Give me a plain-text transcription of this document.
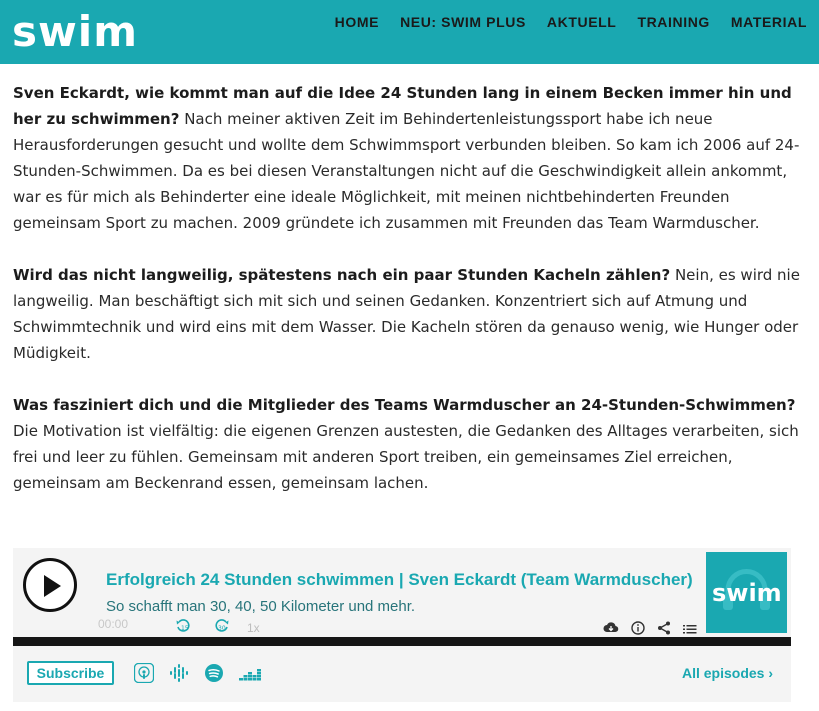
swim	HOME NEU: SWIM PLUS AKTUELL TRAINING MATERIAL

Sven Eckardt, wie kommt man auf die Idee 24 Stunden lang in einem Becken immer hin und her zu schwimmen? Nach meiner aktiven Zeit im Behindertenleistungssport habe ich neue Herausforderungen gesucht und wollte dem Schwimmsport verbunden bleiben. So kam ich 2006 auf 24-Stunden-Schwimmen. Da es bei diesen Veranstaltungen nicht auf die Geschwindigkeit allein ankommt, war es für mich als Behinderter eine ideale Möglichkeit, mit meinen nichtbehinderten Freunden gemeinsam Sport zu machen. 2009 gründete ich zusammen mit Freunden das Team Warmduscher.

Wird das nicht langweilig, spätestens nach ein paar Stunden Kacheln zählen? Nein, es wird nie langweilig. Man beschäftigt sich mit sich und seinen Gedanken. Konzentriert sich auf Atmung und Schwimmtechnik und wird eins mit dem Wasser. Die Kacheln stören da genauso wenig, wie Hunger oder Müdigkeit.

Was fasziniert dich und die Mitglieder des Teams Warmduscher an 24-Stunden-Schwimmen? Die Motivation ist vielfältig: die eigenen Grenzen austesten, die Gedanken des Alltages verarbeiten, sich frei und leer zu fühlen. Gemeinsam mit anderen Sport treiben, ein gemeinsames Ziel erreichen, gemeinsam am Beckenrand essen, gemeinsam lachen.

Erfolgreich 24 Stunden schwimmen | Sven Eckardt (Team Warmduscher)
So schafft man 30, 40, 50 Kilometer und mehr.
00:00	15	30 1x
swim
Subscribe	All episodes ›
